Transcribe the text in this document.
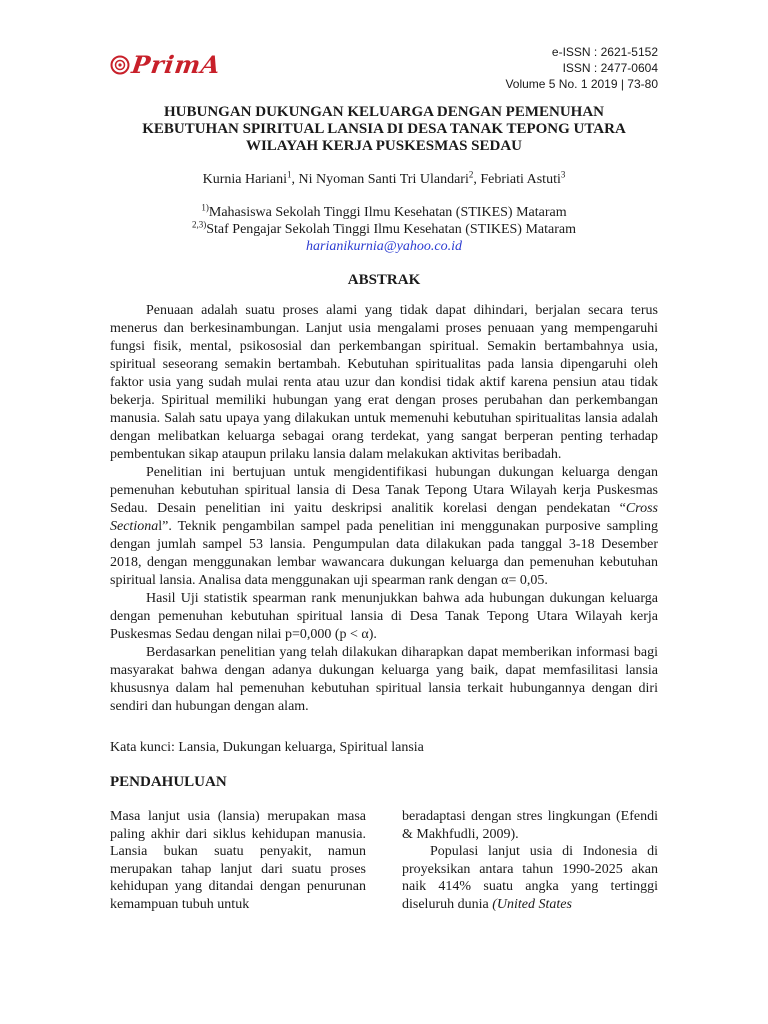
PrimA	e-ISSN : 2621-5152
ISSN : 2477-0604
Volume 5 No. 1 2019 | 73-80
HUBUNGAN DUKUNGAN KELUARGA DENGAN PEMENUHAN
KEBUTUHAN SPIRITUAL LANSIA DI DESA TANAK TEPONG UTARA
WILAYAH KERJA PUSKESMAS SEDAU
Kurnia Hariani$^1$, Ni Nyoman Santi Tri Ulandari$^2$, Febriati Astuti$^3$
$^{1)}$Mahasiswa Sekolah Tinggi Ilmu Kesehatan (STIKES) Mataram
$^{2,3)}$Staf Pengajar Sekolah Tinggi Ilmu Kesehatan (STIKES) Mataram
harianikurnia@yahoo.co.id
ABSTRAK

Penuaan adalah suatu proses alami yang tidak dapat dihindari, berjalan secara terus menerus dan berkesinambungan. Lanjut usia mengalami proses penuaan yang mempengaruhi fungsi fisik, mental, psikososial dan perkembangan spiritual. Semakin bertambahnya usia, spiritual seseorang semakin bertambah. Kebutuhan spiritualitas pada lansia dipengaruhi oleh faktor usia yang sudah mulai renta atau uzur dan kondisi tidak aktif karena pensiun atau tidak bekerja. Spiritual memiliki hubungan yang erat dengan proses perubahan dan perkembangan manusia. Salah satu upaya yang dilakukan untuk memenuhi kebutuhan spiritualitas lansia adalah dengan melibatkan keluarga sebagai orang terdekat, yang sangat berperan penting terhadap pembentukan sikap ataupun prilaku lansia dalam melakukan aktivitas beribadah.

Penelitian ini bertujuan untuk mengidentifikasi hubungan dukungan keluarga dengan pemenuhan kebutuhan spiritual lansia di Desa Tanak Tepong Utara Wilayah kerja Puskesmas Sedau. Desain penelitian ini yaitu deskripsi analitik korelasi dengan pendekatan “Cross Sectional”. Teknik pengambilan sampel pada penelitian ini menggunakan purposive sampling dengan jumlah sampel 53 lansia. Pengumpulan data dilakukan pada tanggal 3-18 Desember 2018, dengan menggunakan lembar wawancara dukungan keluarga dan pemenuhan kebutuhan spiritual lansia. Analisa data menggunakan uji spearman rank dengan α= 0,05.

Hasil Uji statistik spearman rank menunjukkan bahwa ada hubungan dukungan keluarga dengan pemenuhan kebutuhan spiritual lansia di Desa Tanak Tepong Utara Wilayah kerja Puskesmas Sedau dengan nilai p=0,000 (p < α).

Berdasarkan penelitian yang telah dilakukan diharapkan dapat memberikan informasi bagi masyarakat bahwa dengan adanya dukungan keluarga yang baik, dapat memfasilitasi lansia khususnya dalam hal pemenuhan kebutuhan spiritual lansia terkait hubungannya dengan diri sendiri dan hubungan dengan alam.

Kata kunci: Lansia, Dukungan keluarga, Spiritual lansia
PENDAHULUAN

Masa lanjut usia (lansia) merupakan masa paling akhir dari siklus kehidupan manusia. Lansia bukan suatu penyakit, namun merupakan tahap lanjut dari suatu proses kehidupan yang ditandai dengan penurunan kemampuan tubuh untuk

beradaptasi dengan stres lingkungan (Efendi & Makhfudli, 2009).

Populasi lanjut usia di Indonesia di proyeksikan antara tahun 1990-2025 akan naik 414% suatu angka yang tertinggi diseluruh dunia (United States
